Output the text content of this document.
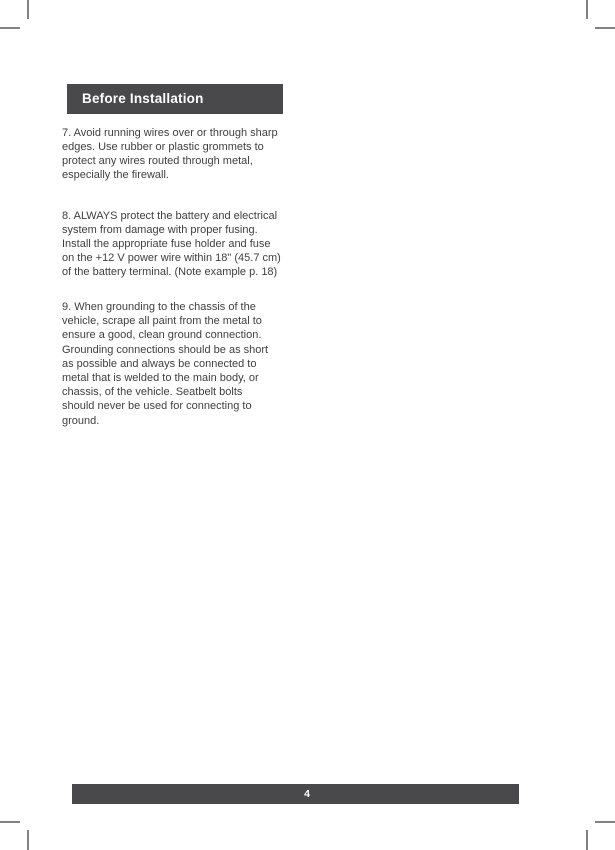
Before Installation
7. Avoid running wires over or through sharp
edges. Use rubber or plastic grommets to
protect any wires routed through metal,
especially the firewall.
8. ALWAYS protect the battery and electrical
system from damage with proper fusing.
Install the appropriate fuse holder and fuse
on the +12 V power wire within 18" (45.7 cm)
of the battery terminal. (Note example p. 18)
9. When grounding to the chassis of the
vehicle, scrape all paint from the metal to
ensure a good, clean ground connection.
Grounding connections should be as short
as possible and always be connected to
metal that is welded to the main body, or
chassis, of the vehicle. Seatbelt bolts
should never be used for connecting to
ground.
4
